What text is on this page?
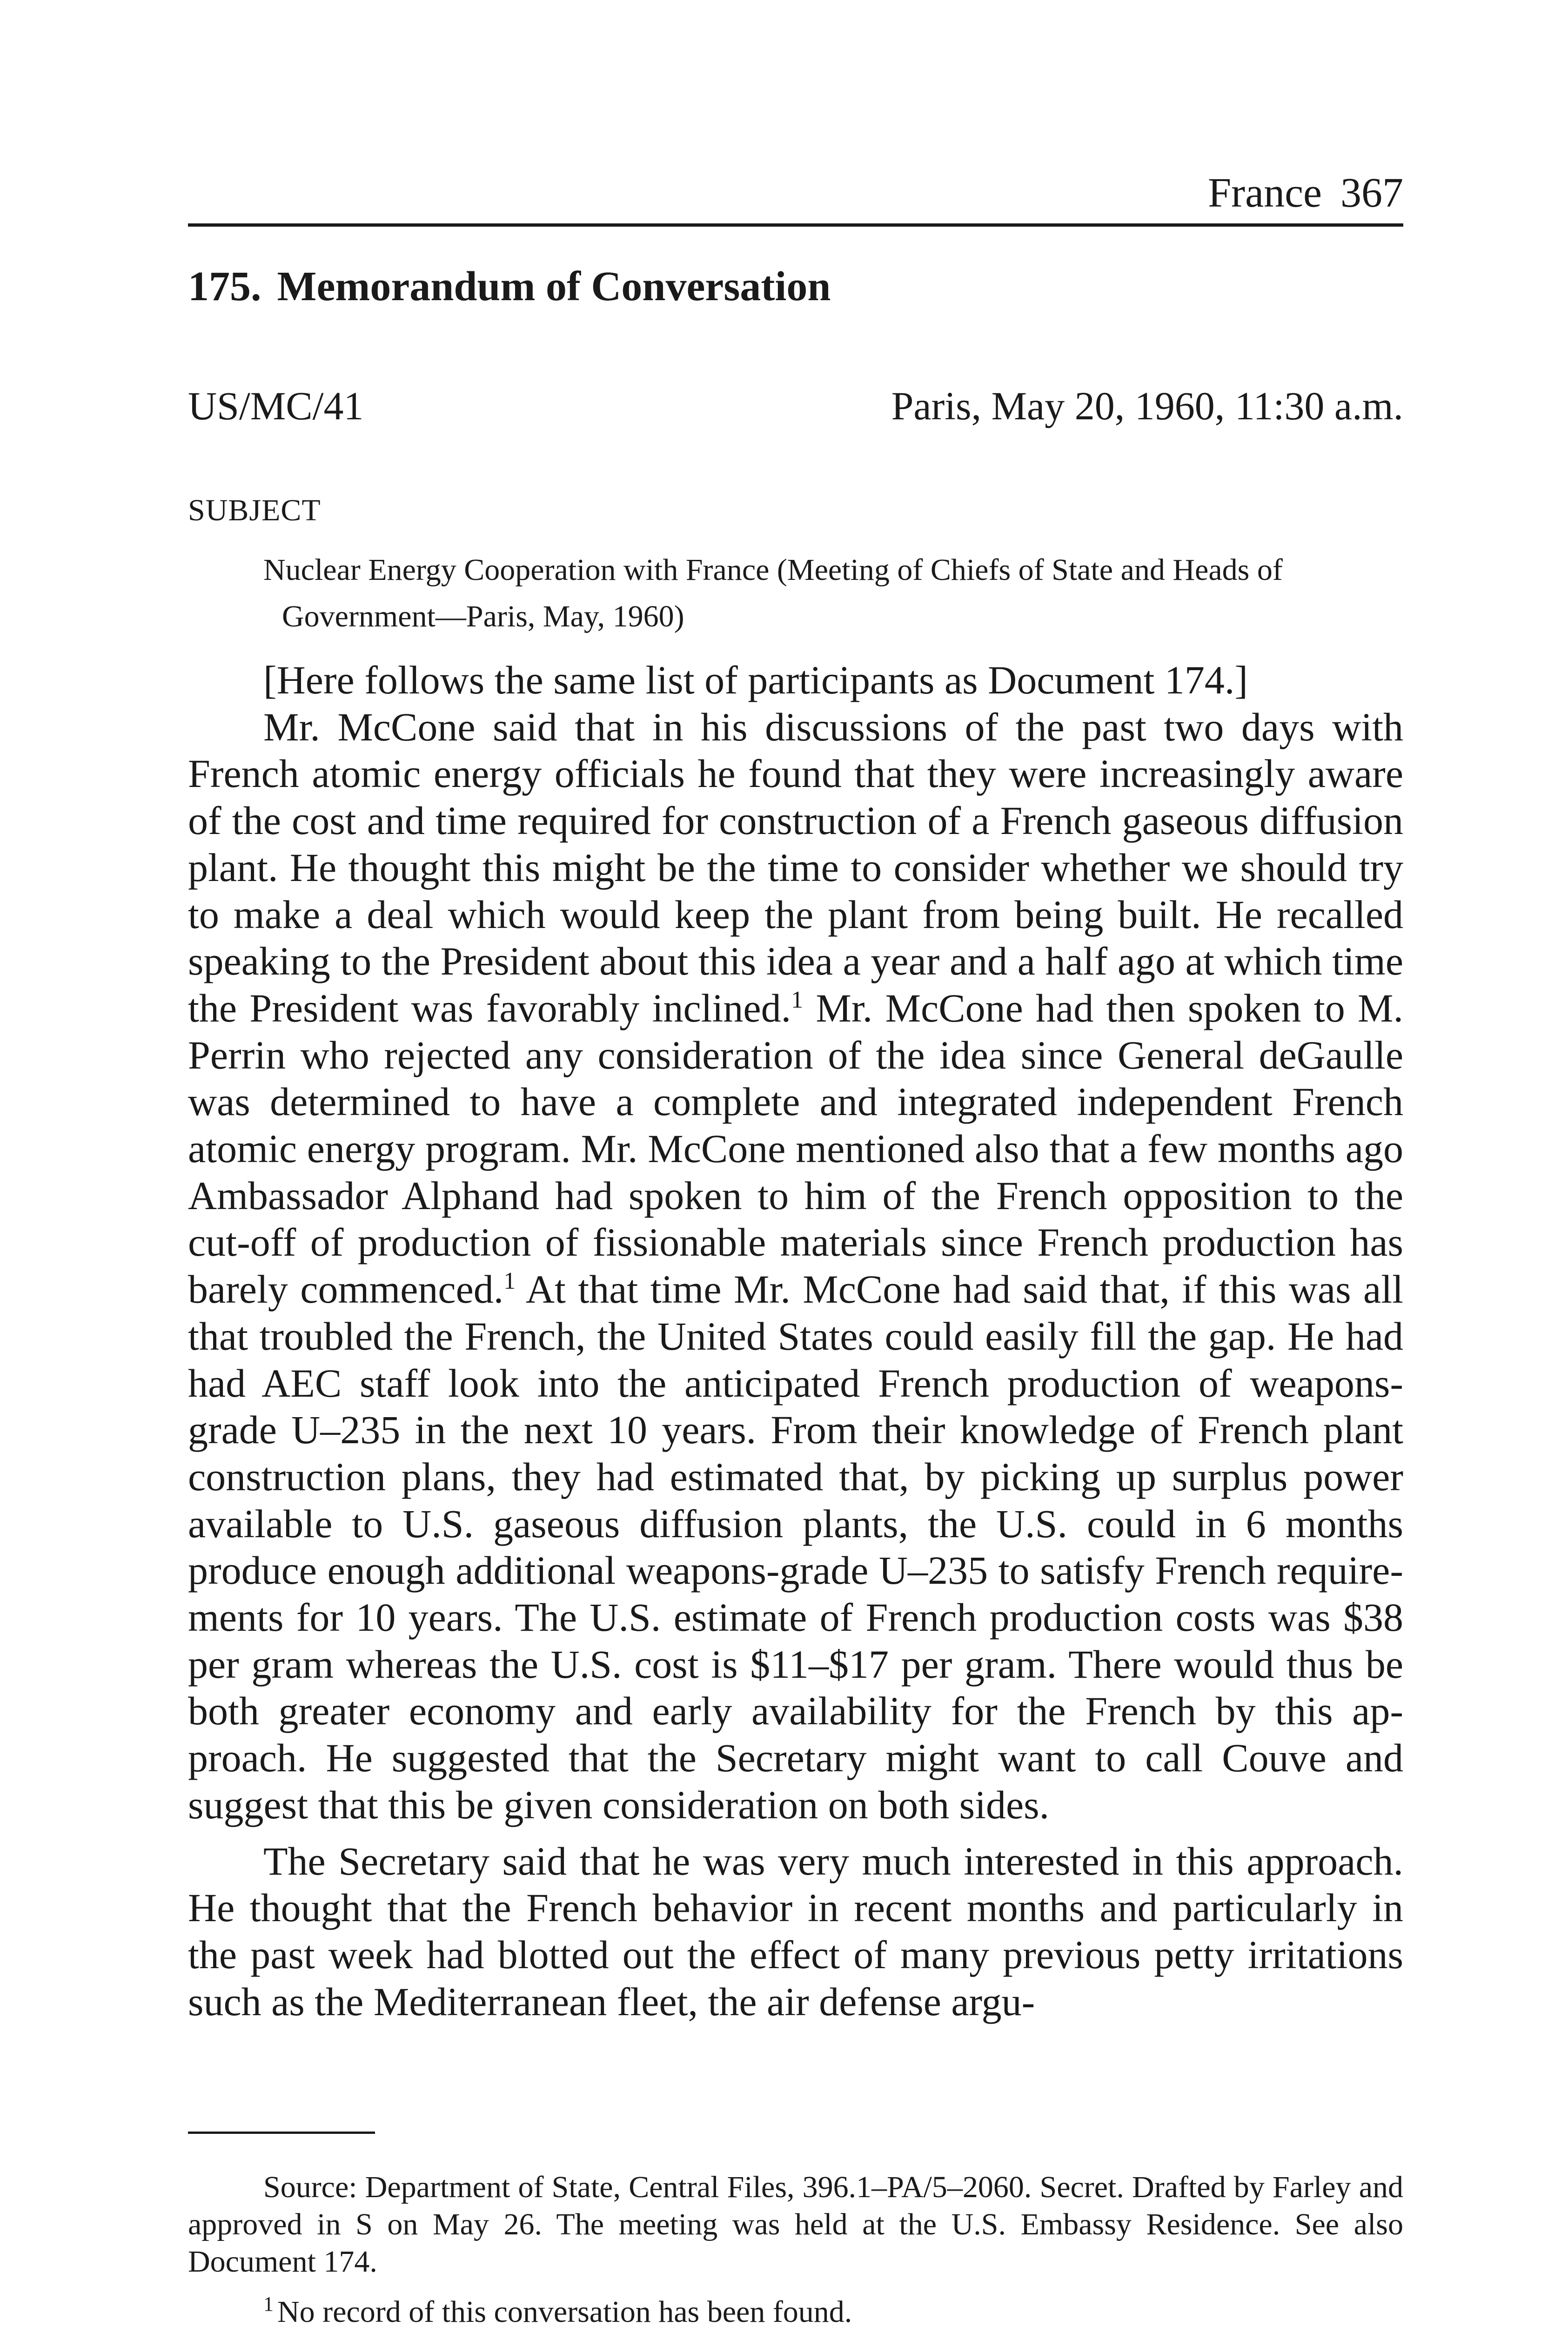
France 367
175. Memorandum of Conversation
US/MC/41	Paris, May 20, 1960, 11:30 a.m.
SUBJECT
Nuclear Energy Cooperation with France (Meeting of Chiefs of State and Heads of Government—Paris, May, 1960)

[Here follows the same list of participants as Document 174.]

Mr. McCone said that in his discussions of the past two days with French atomic energy officials he found that they were increasingly aware of the cost and time required for construction of a French gaseous diffusion plant. He thought this might be the time to consider whether we should try to make a deal which would keep the plant from being built. He recalled speaking to the President about this idea a year and a half ago at which time the President was favorably inclined.$^1$ Mr. McCone had then spoken to M. Perrin who rejected any consideration of the idea since General deGaulle was determined to have a complete and integrated independent French atomic energy program. Mr. McCone mentioned also that a few months ago Ambassador Alphand had spoken to him of the French opposition to the cut-off of production of fissionable materials since French production has barely commenced.$^1$ At that time Mr. McCone had said that, if this was all that troubled the French, the United States could easily fill the gap. He had had AEC staff look into the anticipated French production of weapons-grade U–235 in the next 10 years. From their knowledge of French plant construction plans, they had estimated that, by picking up surplus power available to U.S. gaseous diffusion plants, the U.S. could in 6 months produce enough additional weapons-grade U–235 to satisfy French requirements for 10 years. The U.S. estimate of French production costs was $38 per gram whereas the U.S. cost is $11–$17 per gram. There would thus be both greater economy and early availability for the French by this approach. He suggested that the Secretary might want to call Couve and suggest that this be given consideration on both sides.

The Secretary said that he was very much interested in this approach. He thought that the French behavior in recent months and particularly in the past week had blotted out the effect of many previous petty irritations such as the Mediterranean fleet, the air defense argu-

Source: Department of State, Central Files, 396.1–PA/5–2060. Secret. Drafted by Farley and approved in S on May 26. The meeting was held at the U.S. Embassy Residence. See also Document 174.

$^1$ No record of this conversation has been found.
